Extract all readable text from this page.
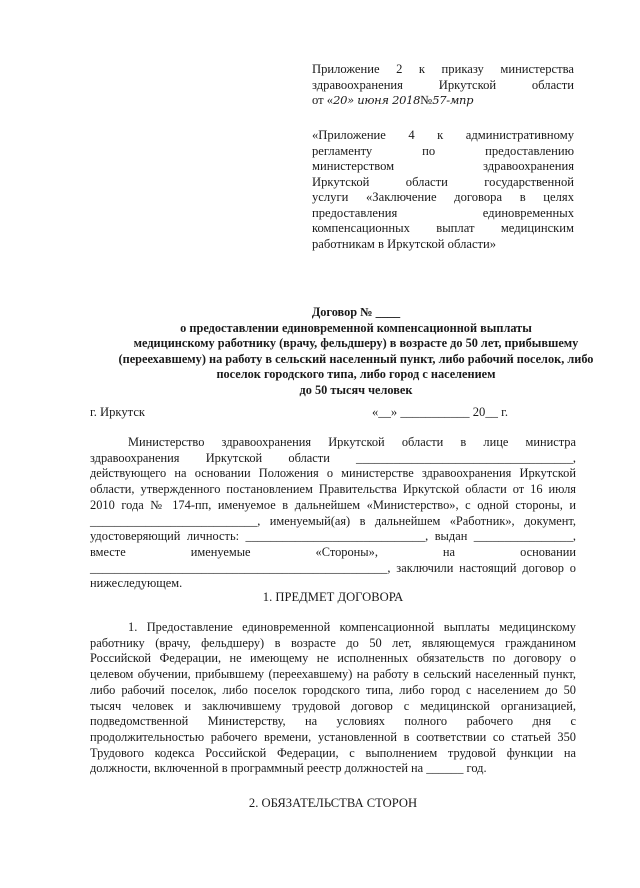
Приложение 2 к приказу министерства
здравоохранения Иркутской области
от «20» июня 2018№57-мпр
«Приложение 4 к административному
регламенту по предоставлению
министерством здравоохранения
Иркутской области государственной
услуги «Заключение договора в целях
предоставления единовременных
компенсационных выплат медицинским
работникам в Иркутской области»
Договор № ____
о предоставлении единовременной компенсационной выплаты
медицинскому работнику (врачу, фельдшеру) в возрасте до 50 лет, прибывшему
(переехавшему) на работу в сельский населенный пункт, либо рабочий поселок, либо
поселок городского типа, либо город с населением
до 50 тысяч человек
г. Иркутск	«__» ___________ 20__ г.
Министерство здравоохранения Иркутской области в лице министра
здравоохранения Иркутской области ___________________________________,
действующего на основании Положения о министерстве здравоохранения Иркутской
области, утвержденного постановлением Правительства Иркутской области от 16 июля
2010 года № 174-пп, именуемое в дальнейшем «Министерство», с одной стороны, и
___________________________, именуемый(ая) в дальнейшем «Работник», документ,
удостоверяющий личность: _____________________________, выдан ________________,
вместе именуемые «Стороны», на основании
________________________________________________, заключили настоящий договор о
нижеследующем.
1. ПРЕДМЕТ ДОГОВОРА
1. Предоставление единовременной компенсационной выплаты медицинскому
работнику (врачу, фельдшеру) в возрасте до 50 лет, являющемуся гражданином
Российской Федерации, не имеющему не исполненных обязательств по договору о
целевом обучении, прибывшему (переехавшему) на работу в сельский населенный пункт,
либо рабочий поселок, либо поселок городского типа, либо город с населением до 50
тысяч человек и заключившему трудовой договор с медицинской организацией,
подведомственной Министерству, на условиях полного рабочего дня с
продолжительностью рабочего времени, установленной в соответствии со статьей 350
Трудового кодекса Российской Федерации, с выполнением трудовой функции на
должности, включенной в программный реестр должностей на ______ год.
2. ОБЯЗАТЕЛЬСТВА СТОРОН
